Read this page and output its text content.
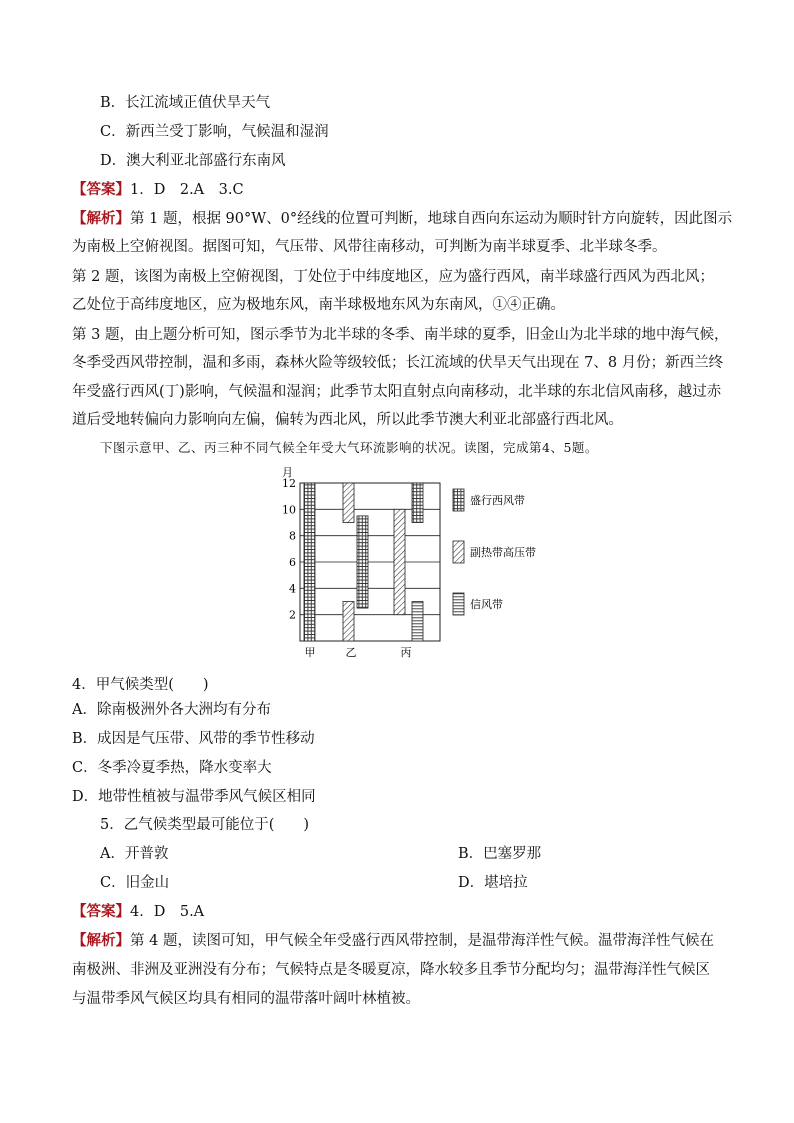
B．长江流域正值伏旱天气
C．新西兰受丁影响，气候温和湿润
D．澳大利亚北部盛行东南风
【答案】1．D　2.A　3.C
【解析】第 1 题，根据 90°W、0°经线的位置可判断，地球自西向东运动为顺时针方向旋转，因此图示
为南极上空俯视图。据图可知，气压带、风带往南移动，可判断为南半球夏季、北半球冬季。
第 2 题，该图为南极上空俯视图，丁处位于中纬度地区，应为盛行西风，南半球盛行西风为西北风；
乙处位于高纬度地区，应为极地东风，南半球极地东风为东南风，①④正确。
第 3 题，由上题分析可知，图示季节为北半球的冬季、南半球的夏季，旧金山为北半球的地中海气候，
冬季受西风带控制，温和多雨，森林火险等级较低；长江流域的伏旱天气出现在 7、8 月份；新西兰终
年受盛行西风(丁)影响，气候温和湿润；此季节太阳直射点向南移动，北半球的东北信风南移，越过赤
道后受地转偏向力影响向左偏，偏转为西北风，所以此季节澳大利亚北部盛行西北风。
下图示意甲、乙、丙三种不同气候全年受大气环流影响的状况。读图，完成第4、5题。
2
4
6
8
10
12
月
甲	乙	丙
盛行西风带
副热带高压带
信风带
4．甲气候类型(　　)
A．除南极洲外各大洲均有分布
B．成因是气压带、风带的季节性移动
C．冬季冷夏季热，降水变率大
D．地带性植被与温带季风气候区相同
5．乙气候类型最可能位于(　　)
A．开普敦	B．巴塞罗那
C．旧金山	D．堪培拉
【答案】4．D　5.A
【解析】第 4 题，读图可知，甲气候全年受盛行西风带控制，是温带海洋性气候。温带海洋性气候在
南极洲、非洲及亚洲没有分布；气候特点是冬暖夏凉，降水较多且季节分配均匀；温带海洋性气候区
与温带季风气候区均具有相同的温带落叶阔叶林植被。
